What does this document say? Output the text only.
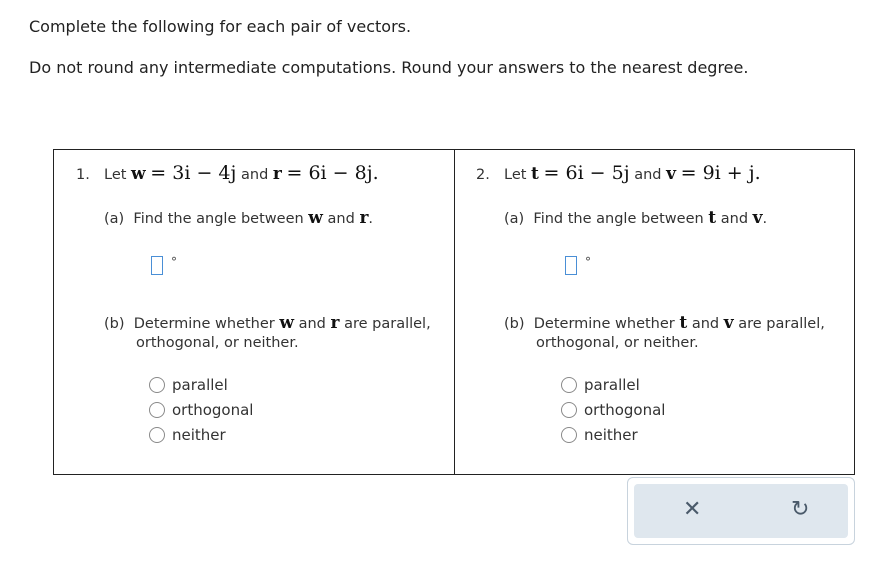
Complete the following for each pair of vectors.
Do not round any intermediate computations. Round your answers to the nearest degree.
1. Let w = 3i − 4j and r = 6i − 8j.
(a) Find the angle between w and r.
°
(b) Determine whether w and r are parallel,
orthogonal, or neither.
parallel
orthogonal
neither
2. Let t = 6i − 5j and v = 9i + j.
(a) Find the angle between t and v.
°
(b) Determine whether t and v are parallel,
orthogonal, or neither.
parallel
orthogonal
neither
✕	↻
